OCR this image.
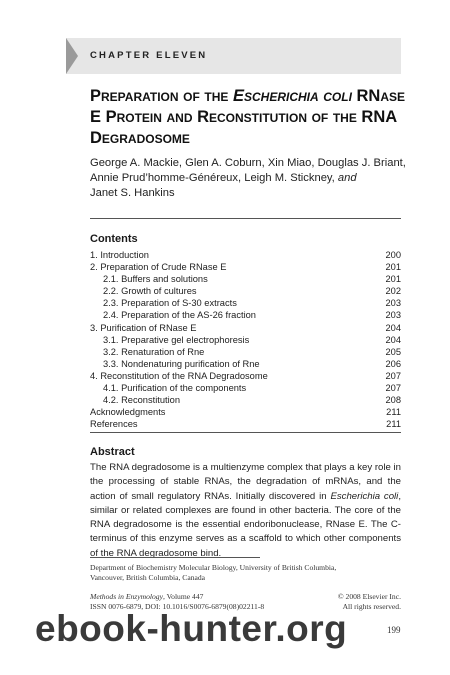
CHAPTER ELEVEN
Preparation of the Escherichia coli RNase E Protein and Reconstitution of the RNA Degradosome
George A. Mackie, Glen A. Coburn, Xin Miao, Douglas J. Briant,
Annie Prud’homme-Généreux, Leigh M. Stickney, and
Janet S. Hankins
Contents
1. Introduction	200
2. Preparation of Crude RNase E	201
2.1. Buffers and solutions	201
2.2. Growth of cultures	202
2.3. Preparation of S-30 extracts	203
2.4. Preparation of the AS-26 fraction	203
3. Purification of RNase E	204
3.1. Preparative gel electrophoresis	204
3.2. Renaturation of Rne	205
3.3. Nondenaturing purification of Rne	206
4. Reconstitution of the RNA Degradosome	207
4.1. Purification of the components	207
4.2. Reconstitution	208
Acknowledgments	211
References	211
Abstract

The RNA degradosome is a multienzyme complex that plays a key role in the processing of stable RNAs, the degradation of mRNAs, and the action of small regulatory RNAs. Initially discovered in Escherichia coli, similar or related complexes are found in other bacteria. The core of the RNA degradosome is the essential endoribonuclease, RNase E. The C-terminus of this enzyme serves as a scaffold to which other components of the RNA degradosome bind.

Department of Biochemistry Molecular Biology, University of British Columbia,
Vancouver, British Columbia, Canada
Methods in Enzymology, Volume 447	© 2008 Elsevier Inc.
ISSN 0076-6879, DOI: 10.1016/S0076-6879(08)02211-8	All rights reserved.
199
ebook-hunter.org
